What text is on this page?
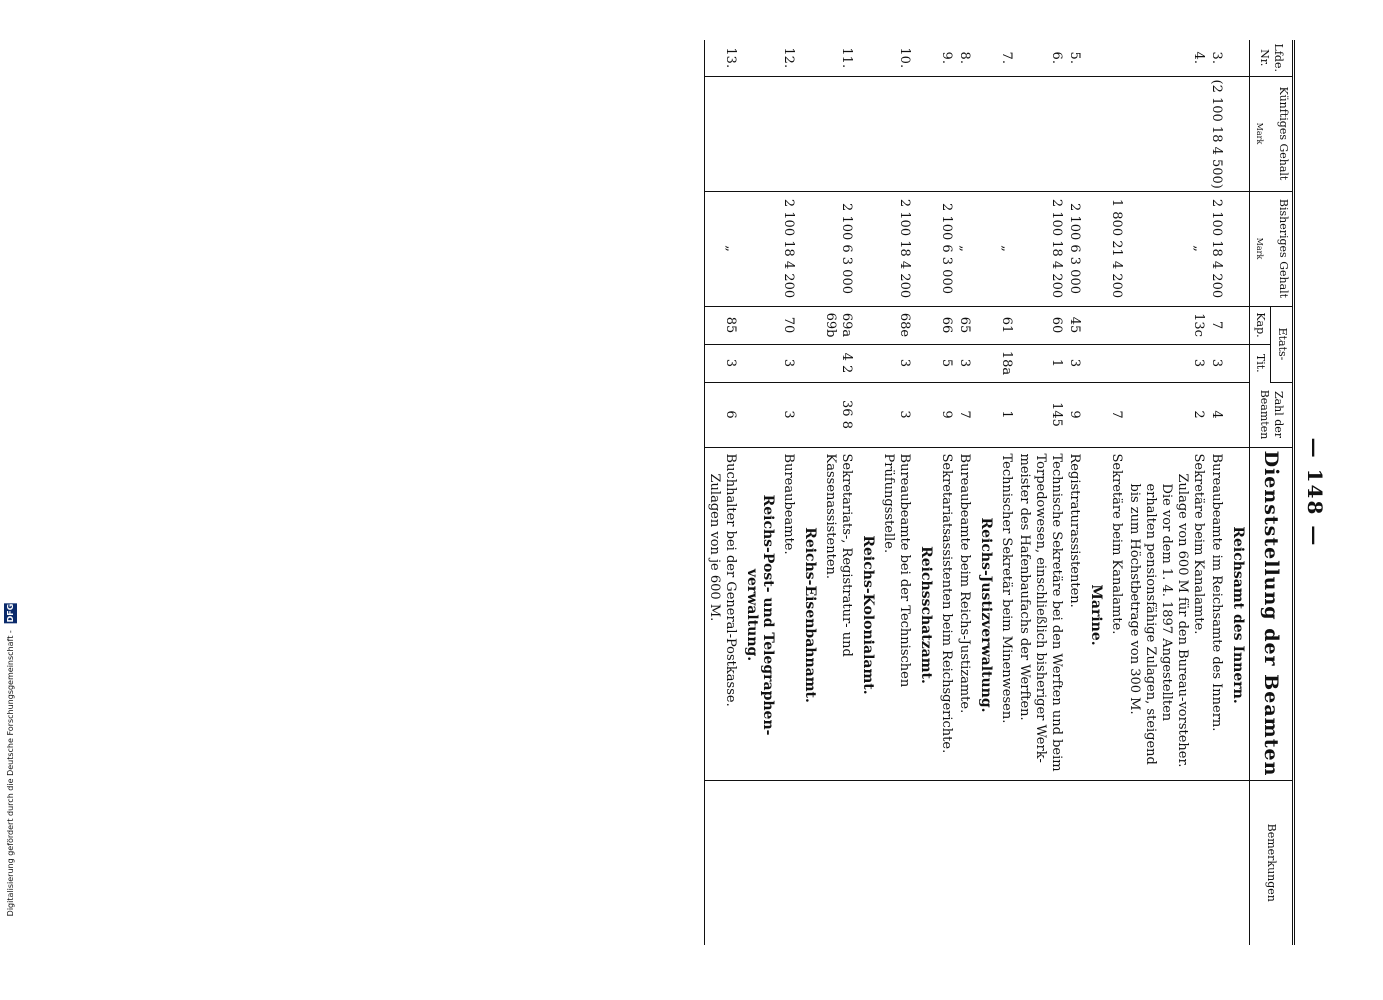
— 148 —
Lfde. Nr.	Künftiges Gehalt
Mark	Bisheriges Gehalt
Mark	Etats-		Zahl der Beamten	Dienststellung der Beamten	Bemerkungen
			Kap.	Tit.			

						Reichsamt des Innern.	

3.	(2 100 18 4 500)	2 100 18 4 200	7	3	4	Bureaubeamte im Reichsamte des Innern.	
4.		„	13c	3	2	Sekretäre beim Kanalamte.
Zulage von 600 M für den Bureau-vorsteher.
Die vor dem 1. 4. 1897 Angestellten erhalten pensionsfähige Zulagen, steigend bis zum Höchstbetrage von 300 M.	

		1 800 21 4 200			7	Sekretäre beim Kanalamte.	

						Marine.	

5.		2 100 6 3 000	45	3	9	Registraturassistenten.	
6.		2 100 18 4 200	60	1	145	Technische Sekretäre bei den Werften und beim Torpedowesen, einschließlich bisheriger Werk-meister des Hafenbaufachs der Werften.	
7.		„	61	18a	1	Technischer Sekretär beim Minenwesen.	

						Reichs-Justizverwaltung.	

8.		„	65	3	7	Bureaubeamte beim Reichs-Justizamte.	
9.		2 100 6 3 000	66	5	9	Sekretariatsassistenten beim Reichsgerichte.	

						Reichsschatzamt.	

10.		2 100 18 4 200	68e	3	3	Bureaubeamte bei der Technischen Prüfungsstelle.	

						Reichs-Kolonialamt.	

11.		2 100 6 3 000	69a 69b	4 2	36 8	Sekretariats-, Registratur- und Kassenassistenten.	

						Reichs-Eisenbahnamt.	

12.		2 100 18 4 200	70	3	3	Bureaubeamte.	

						Reichs-Post- und Telegraphen-verwaltung.	

13.		„	85	3	6	Buchhalter bei der General-Postkasse.
Zulagen von je 600 M.	

Digitalisierung gefördert durch die Deutsche Forschungsgemeinschaft - DFG
